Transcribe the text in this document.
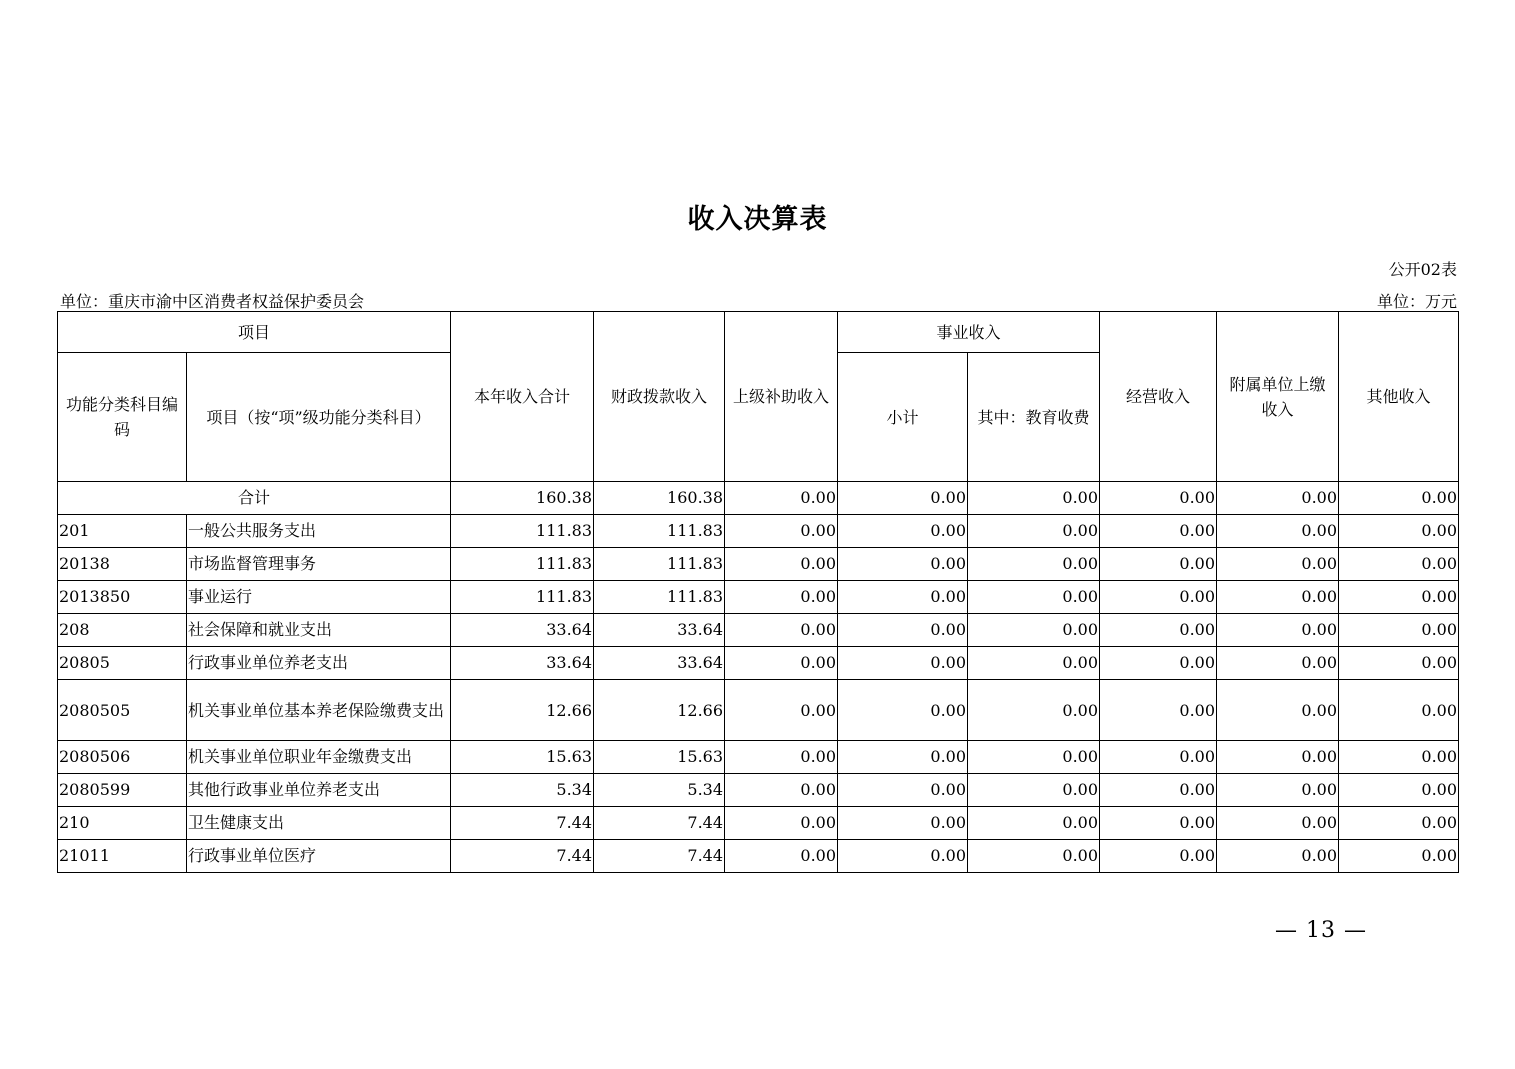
收入决算表
公开02表
单位：重庆市渝中区消费者权益保护委员会	单位：万元
项目		本年收入合计	财政拨款收入	上级补助收入	事业收入		经营收入	附属单位上缴收入	其他收入
功能分类科目编码	项目（按“项”级功能分类科目）				小计	其中：教育收费			
合计		160.38	160.38	0.00	0.00	0.00	0.00	0.00	0.00
201	一般公共服务支出	111.83	111.83	0.00	0.00	0.00	0.00	0.00	0.00
20138	市场监督管理事务	111.83	111.83	0.00	0.00	0.00	0.00	0.00	0.00
2013850	事业运行	111.83	111.83	0.00	0.00	0.00	0.00	0.00	0.00
208	社会保障和就业支出	33.64	33.64	0.00	0.00	0.00	0.00	0.00	0.00
20805	行政事业单位养老支出	33.64	33.64	0.00	0.00	0.00	0.00	0.00	0.00
2080505	机关事业单位基本养老保险缴费支出	12.66	12.66	0.00	0.00	0.00	0.00	0.00	0.00
2080506	机关事业单位职业年金缴费支出	15.63	15.63	0.00	0.00	0.00	0.00	0.00	0.00
2080599	其他行政事业单位养老支出	5.34	5.34	0.00	0.00	0.00	0.00	0.00	0.00
210	卫生健康支出	7.44	7.44	0.00	0.00	0.00	0.00	0.00	0.00
21011	行政事业单位医疗	7.44	7.44	0.00	0.00	0.00	0.00	0.00	0.00
— 13 —
